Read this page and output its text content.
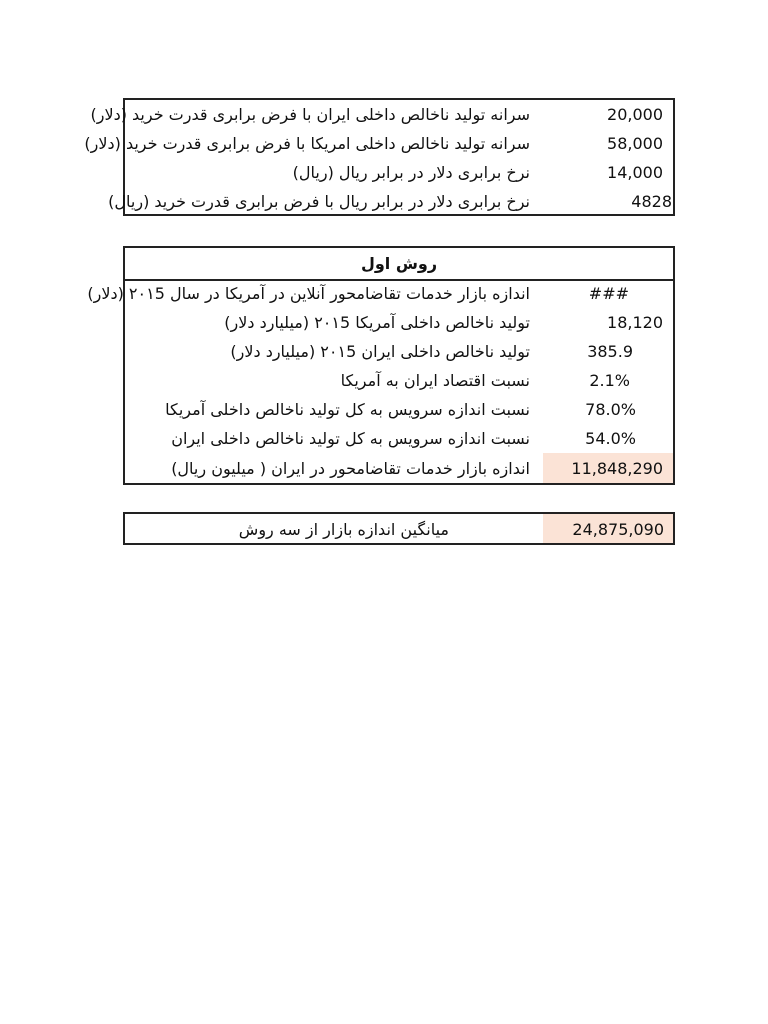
سرانه تولید ناخالص داخلی ایران با فرض برابری قدرت خرید (دلار)	20,000
سرانه تولید ناخالص داخلی امریکا با فرض برابری قدرت خرید (دلار)	58,000
نرخ برابری دلار در برابر ریال (ریال)	14,000
نرخ برابری دلار در برابر ریال با فرض برابری قدرت خرید (ریال)	4828
روش اول
اندازه بازار خدمات تقاضامحور آنلاین در آمریکا در سال ۲۰۱5 (دلار)	###
تولید ناخالص داخلی آمریکا ۲۰۱5 (میلیارد دلار)	18,120
تولید ناخالص داخلی ایران ۲۰۱5 (میلیارد دلار)	385.9
نسبت اقتصاد ایران به آمریکا	2.1%
نسبت اندازه سرویس به کل تولید ناخالص داخلی آمریکا	78.0%
نسبت اندازه سرویس به کل تولید ناخالص داخلی ایران	54.0%
اندازه بازار خدمات تقاضامحور در ایران ( میلیون ریال)	11,848,290
میانگین اندازه بازار از سه روش	24,875,090
